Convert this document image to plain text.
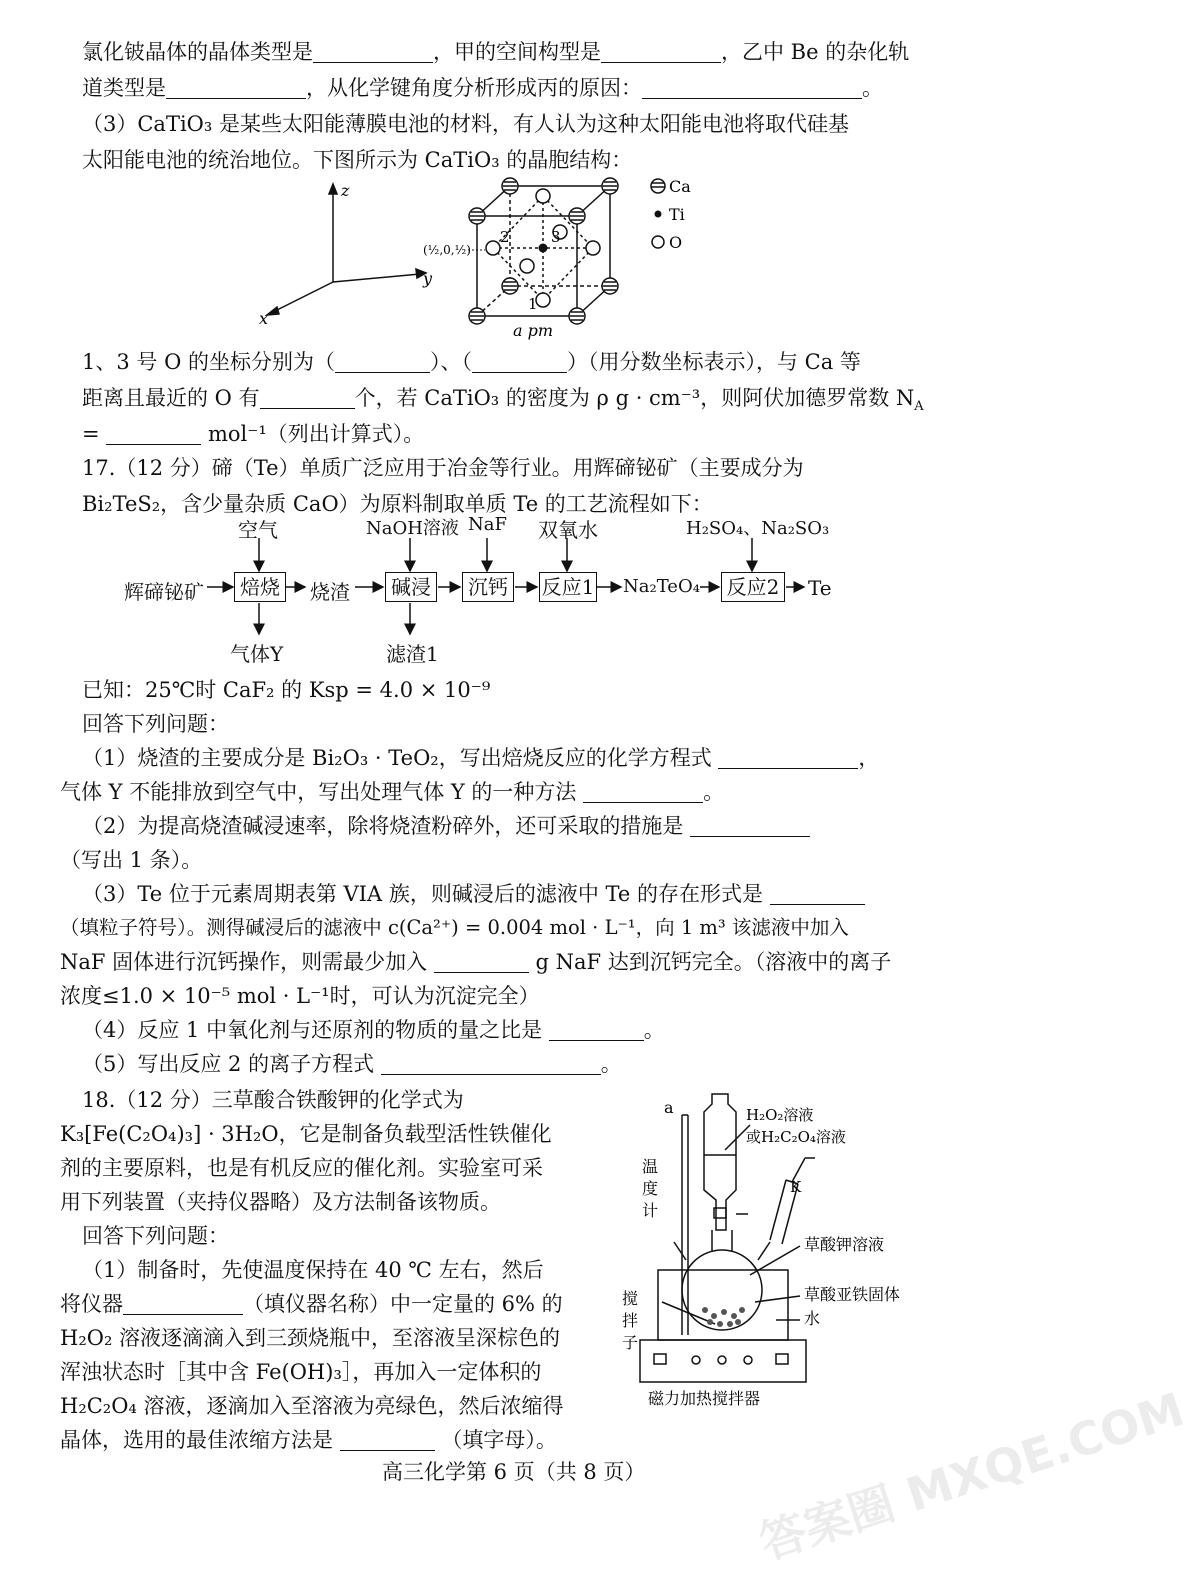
氯化铍晶体的晶体类型是	，甲的空间构型是	，乙中 Be 的杂化轨
道类型是	，从化学键角度分析形成丙的原因：	。
（3）CaTiO₃ 是某些太阳能薄膜电池的材料，有人认为这种太阳能电池将取代硅基
太阳能电池的统治地位。下图所示为 CaTiO₃ 的晶胞结构：
z
y
x
2	3
1
(½,0,½)
a pm
Ca
Ti
O
1、3 号 O 的坐标分别为（	）、（	）（用分数坐标表示），与 Ca 等
距离且最近的 O 有	个，若 CaTiO₃ 的密度为 ρ g · cm⁻³，则阿伏加德罗常数 $N_A$
=	mol⁻¹（列出计算式）。
17.（12 分）碲（Te）单质广泛应用于冶金等行业。用辉碲铋矿（主要成分为
Bi₂TeS₂，含少量杂质 CaO）为原料制取单质 Te 的工艺流程如下：
辉碲铋矿	焙烧	烧渣	碱浸	沉钙	反应1 Na₂TeO₄ 反应2 Te
空气	NaOH溶液 NaF 双氧水	H₂SO₄、Na₂SO₃
气体Y	滤渣1
已知：25℃时 CaF₂ 的 Ksp = 4.0 × 10⁻⁹
回答下列问题：
（1）烧渣的主要成分是 Bi₂O₃ · TeO₂，写出焙烧反应的化学方程式	，
气体 Y 不能排放到空气中，写出处理气体 Y 的一种方法	。
（2）为提高烧渣碱浸速率，除将烧渣粉碎外，还可采取的措施是
（写出 1 条）。
（3）Te 位于元素周期表第 VIA 族，则碱浸后的滤液中 Te 的存在形式是
（填粒子符号）。测得碱浸后的滤液中 c(Ca²⁺) = 0.004 mol · L⁻¹，向 1 m³ 该滤液中加入
NaF 固体进行沉钙操作，则需最少加入	g NaF 达到沉钙完全。（溶液中的离子
浓度≤1.0 × 10⁻⁵ mol · L⁻¹时，可认为沉淀完全）
（4）反应 1 中氧化剂与还原剂的物质的量之比是	。
（5）写出反应 2 的离子方程式	。
18.（12 分）三草酸合铁酸钾的化学式为
K₃[Fe(C₂O₄)₃] · 3H₂O，它是制备负载型活性铁催化
剂的主要原料，也是有机反应的催化剂。实验室可采
用下列装置（夹持仪器略）及方法制备该物质。
回答下列问题：
（1）制备时，先使温度保持在 40 ℃ 左右，然后
将仪器	（填仪器名称）中一定量的 6% 的
H₂O₂ 溶液逐滴滴入到三颈烧瓶中，至溶液呈深棕色的
浑浊状态时［其中含 Fe(OH)₃］，再加入一定体积的
H₂C₂O₄ 溶液，逐滴加入至溶液为亮绿色，然后浓缩得
晶体，选用的最佳浓缩方法是	（填字母）。
a	H₂O₂溶液
或H₂C₂O₄溶液
K
温
度
计
草酸钾溶液
草酸亚铁固体
水
搅
拌
子
磁力加热搅拌器
高三化学第 6 页（共 8 页） 答案圈 MXQE.COM
